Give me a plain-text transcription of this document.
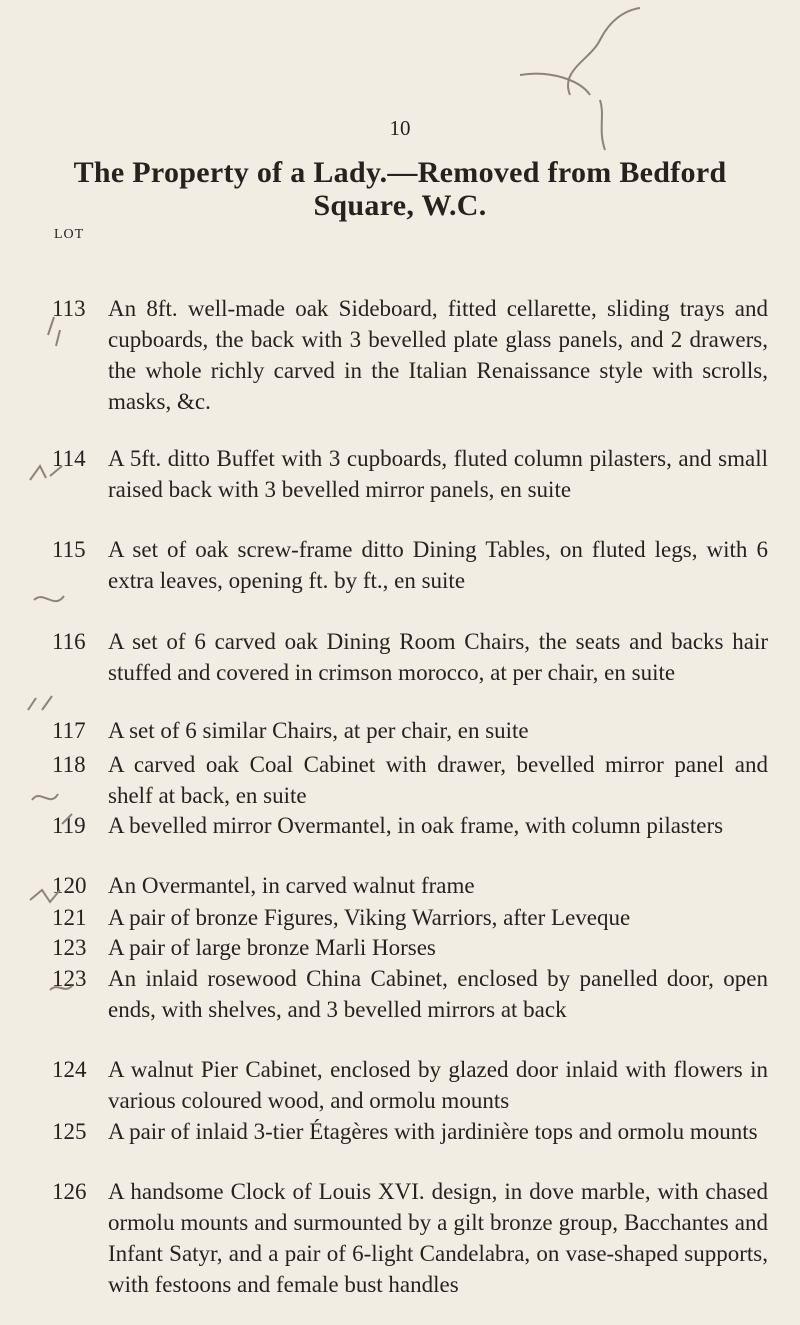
10
The Property of a Lady.—Removed from Bedford Square, W.C.
LOT
113 An 8ft. well-made oak Sideboard, fitted cellarette, sliding trays and cupboards, the back with 3 bevelled plate glass panels, and 2 drawers, the whole richly carved in the Italian Renaissance style with scrolls, masks, &c.
114 A 5ft. ditto Buffet with 3 cupboards, fluted column pilasters, and small raised back with 3 bevelled mirror panels, en suite
115 A set of oak screw-frame ditto Dining Tables, on fluted legs, with 6 extra leaves, opening ft. by ft., en suite
116 A set of 6 carved oak Dining Room Chairs, the seats and backs hair stuffed and covered in crimson morocco, at per chair, en suite
117 A set of 6 similar Chairs, at per chair, en suite
118 A carved oak Coal Cabinet with drawer, bevelled mirror panel and shelf at back, en suite
119 A bevelled mirror Overmantel, in oak frame, with column pilasters
120 An Overmantel, in carved walnut frame
121 A pair of bronze Figures, Viking Warriors, after Leveque
123 A pair of large bronze Marli Horses
123 An inlaid rosewood China Cabinet, enclosed by panelled door, open ends, with shelves, and 3 bevelled mirrors at back
124 A walnut Pier Cabinet, enclosed by glazed door inlaid with flowers in various coloured wood, and ormolu mounts
125 A pair of inlaid 3-tier Étagères with jardinière tops and ormolu mounts
126 A handsome Clock of Louis XVI. design, in dove marble, with chased ormolu mounts and surmounted by a gilt bronze group, Bacchantes and Infant Satyr, and a pair of 6-light Candelabra, on vase-shaped supports, with festoons and female bust handles
